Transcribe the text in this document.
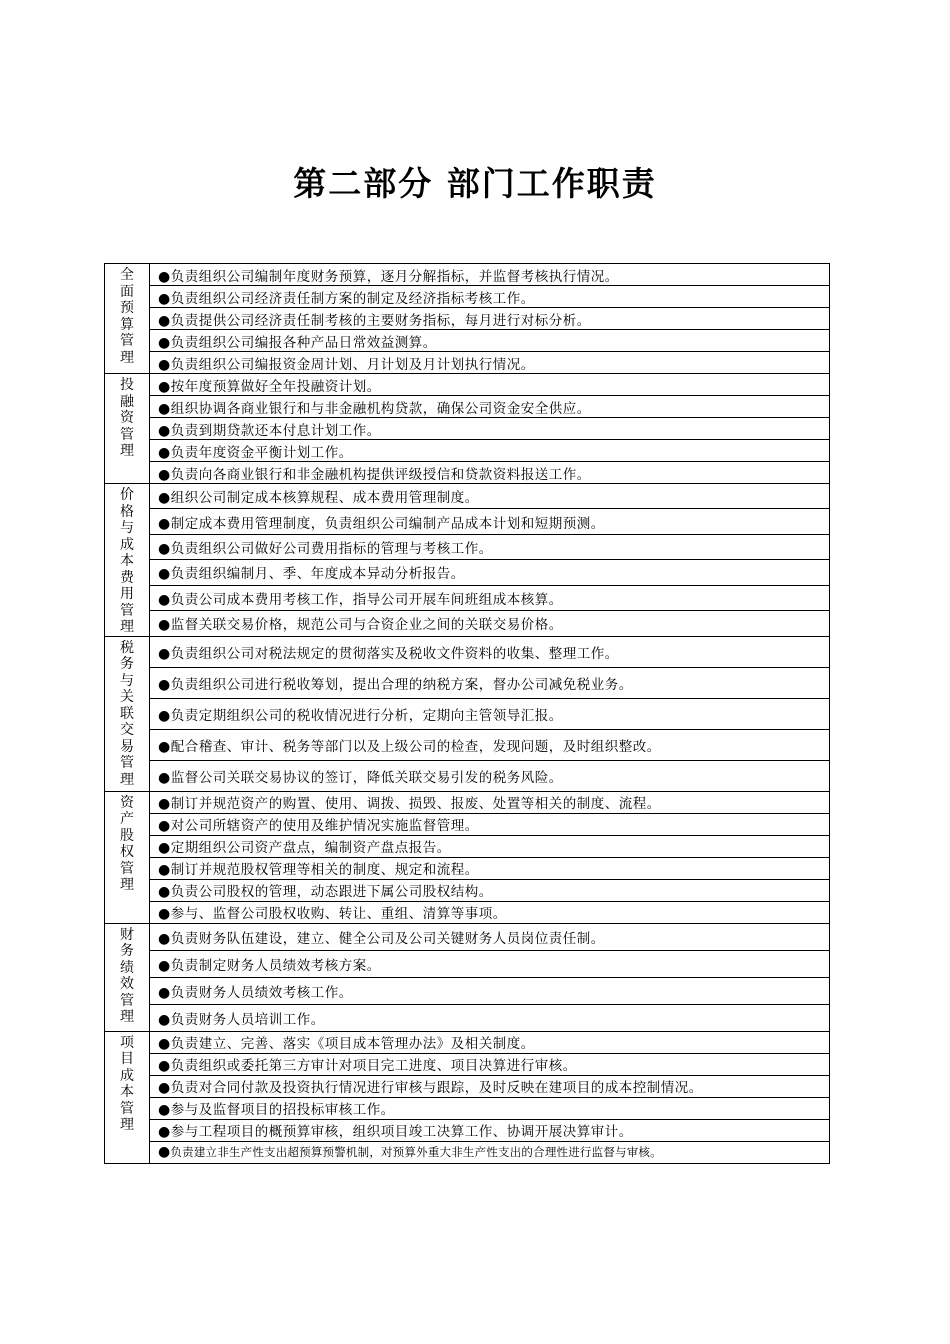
第二部分 部门工作职责
全面预算管理	●负责组织公司编制年度财务预算，逐月分解指标，并监督考核执行情况。
	●负责组织公司经济责任制方案的制定及经济指标考核工作。
	●负责提供公司经济责任制考核的主要财务指标，每月进行对标分析。
	●负责组织公司编报各种产品日常效益测算。
	●负责组织公司编报资金周计划、月计划及月计划执行情况。

投融资管理	●按年度预算做好全年投融资计划。
	●组织协调各商业银行和与非金融机构贷款，确保公司资金安全供应。
	●负责到期贷款还本付息计划工作。
	●负责年度资金平衡计划工作。
	●负责向各商业银行和非金融机构提供评级授信和贷款资料报送工作。

价格与成本费用管理	●组织公司制定成本核算规程、成本费用管理制度。
	●制定成本费用管理制度，负责组织公司编制产品成本计划和短期预测。
	●负责组织公司做好公司费用指标的管理与考核工作。
	●负责组织编制月、季、年度成本异动分析报告。
	●负责公司成本费用考核工作，指导公司开展车间班组成本核算。
	●监督关联交易价格，规范公司与合资企业之间的关联交易价格。

税务与关联交易管理	●负责组织公司对税法规定的贯彻落实及税收文件资料的收集、整理工作。
	●负责组织公司进行税收筹划，提出合理的纳税方案，督办公司减免税业务。
	●负责定期组织公司的税收情况进行分析，定期向主管领导汇报。
	●配合稽查、审计、税务等部门以及上级公司的检查，发现问题，及时组织整改。
	●监督公司关联交易协议的签订，降低关联交易引发的税务风险。

资产股权管理	●制订并规范资产的购置、使用、调拨、损毁、报废、处置等相关的制度、流程。
	●对公司所辖资产的使用及维护情况实施监督管理。
	●定期组织公司资产盘点，编制资产盘点报告。
	●制订并规范股权管理等相关的制度、规定和流程。
	●负责公司股权的管理，动态跟进下属公司股权结构。
	●参与、监督公司股权收购、转让、重组、清算等事项。

财务绩效管理	●负责财务队伍建设，建立、健全公司及公司关键财务人员岗位责任制。
	●负责制定财务人员绩效考核方案。
	●负责财务人员绩效考核工作。
	●负责财务人员培训工作。

项目成本管理	●负责建立、完善、落实《项目成本管理办法》及相关制度。
	●负责组织或委托第三方审计对项目完工进度、项目决算进行审核。
	●负责对合同付款及投资执行情况进行审核与跟踪，及时反映在建项目的成本控制情况。
	●参与及监督项目的招投标审核工作。
	●参与工程项目的概预算审核，组织项目竣工决算工作、协调开展决算审计。
	●负责建立非生产性支出超预算预警机制，对预算外重大非生产性支出的合理性进行监督与审核。
